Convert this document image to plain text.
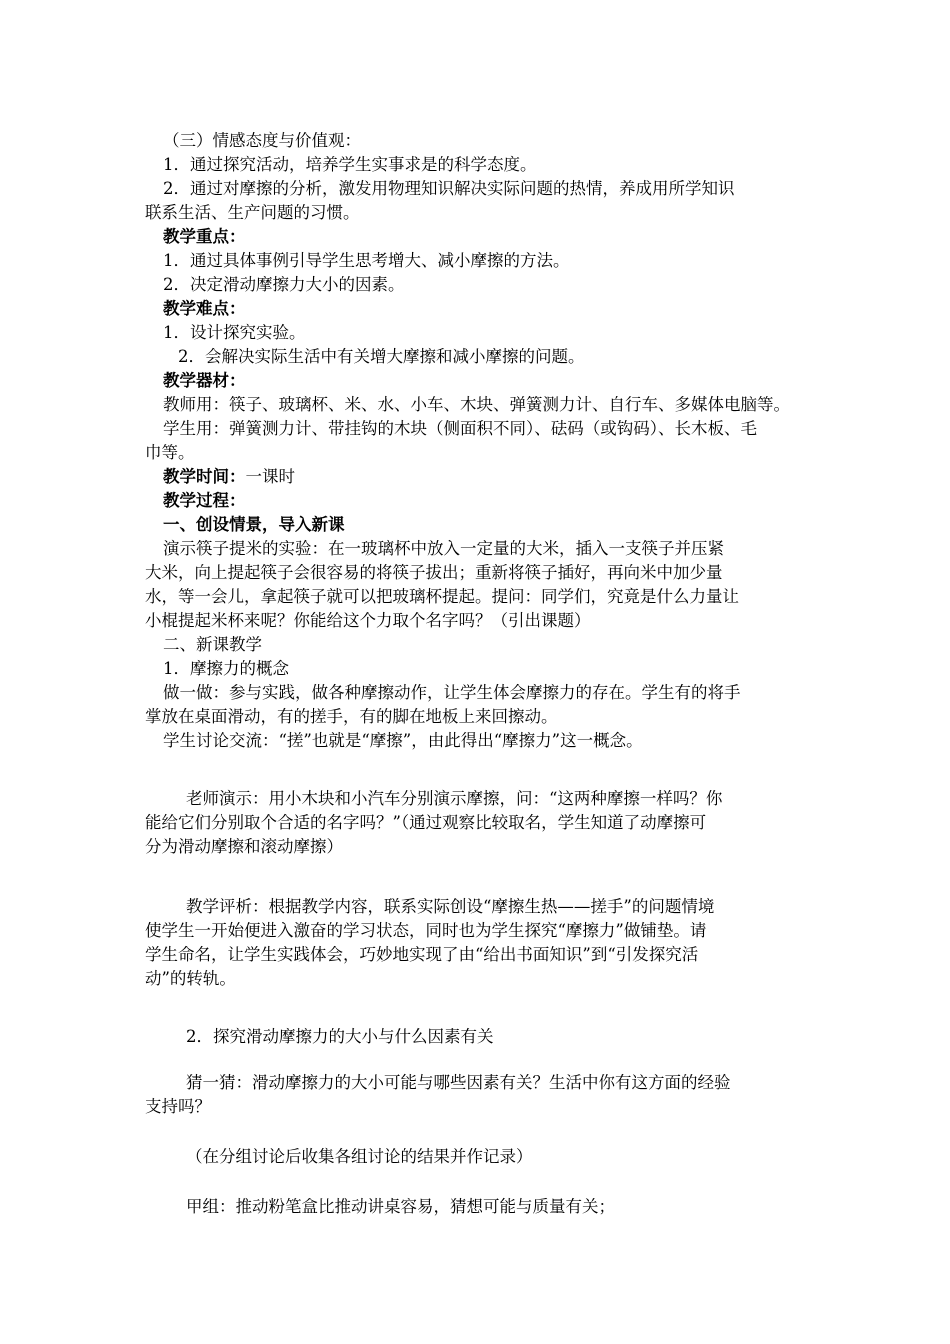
（三）情感态度与价值观：
1．通过探究活动，培养学生实事求是的科学态度。
2．通过对摩擦的分析，激发用物理知识解决实际问题的热情，养成用所学知识
联系生活、生产问题的习惯。
教学重点：
1．通过具体事例引导学生思考增大、减小摩擦的方法。
2．决定滑动摩擦力大小的因素。
教学难点：
1．设计探究实验。
2．会解决实际生活中有关增大摩擦和减小摩擦的问题。
教学器材：
教师用：筷子、玻璃杯、米、水、小车、木块、弹簧测力计、自行车、多媒体电脑等。
学生用：弹簧测力计、带挂钩的木块（侧面积不同）、砝码（或钩码）、长木板、毛
巾等。
教学时间：一课时
教学过程：
一、创设情景，导入新课
演示筷子提米的实验：在一玻璃杯中放入一定量的大米，插入一支筷子并压紧
大米，向上提起筷子会很容易的将筷子拔出；重新将筷子插好，再向米中加少量
水，等一会儿，拿起筷子就可以把玻璃杯提起。提问：同学们，究竟是什么力量让
小棍提起米杯来呢？你能给这个力取个名字吗？（引出课题）
二、新课教学
1．摩擦力的概念
做一做：参与实践，做各种摩擦动作，让学生体会摩擦力的存在。学生有的将手
掌放在桌面滑动，有的搓手，有的脚在地板上来回擦动。
学生讨论交流：“搓”也就是“摩擦”，由此得出“摩擦力”这一概念。
老师演示：用小木块和小汽车分别演示摩擦，问：“这两种摩擦一样吗？你
能给它们分别取个合适的名字吗？”（通过观察比较取名，学生知道了动摩擦可
分为滑动摩擦和滚动摩擦）
教学评析：根据教学内容，联系实际创设“摩擦生热——搓手”的问题情境
使学生一开始便进入激奋的学习状态，同时也为学生探究“摩擦力”做铺垫。请
学生命名，让学生实践体会，巧妙地实现了由“给出书面知识”到“引发探究活
动”的转轨。
2．探究滑动摩擦力的大小与什么因素有关
猜一猜：滑动摩擦力的大小可能与哪些因素有关？生活中你有这方面的经验
支持吗？
（在分组讨论后收集各组讨论的结果并作记录）
甲组：推动粉笔盒比推动讲桌容易，猜想可能与质量有关；
